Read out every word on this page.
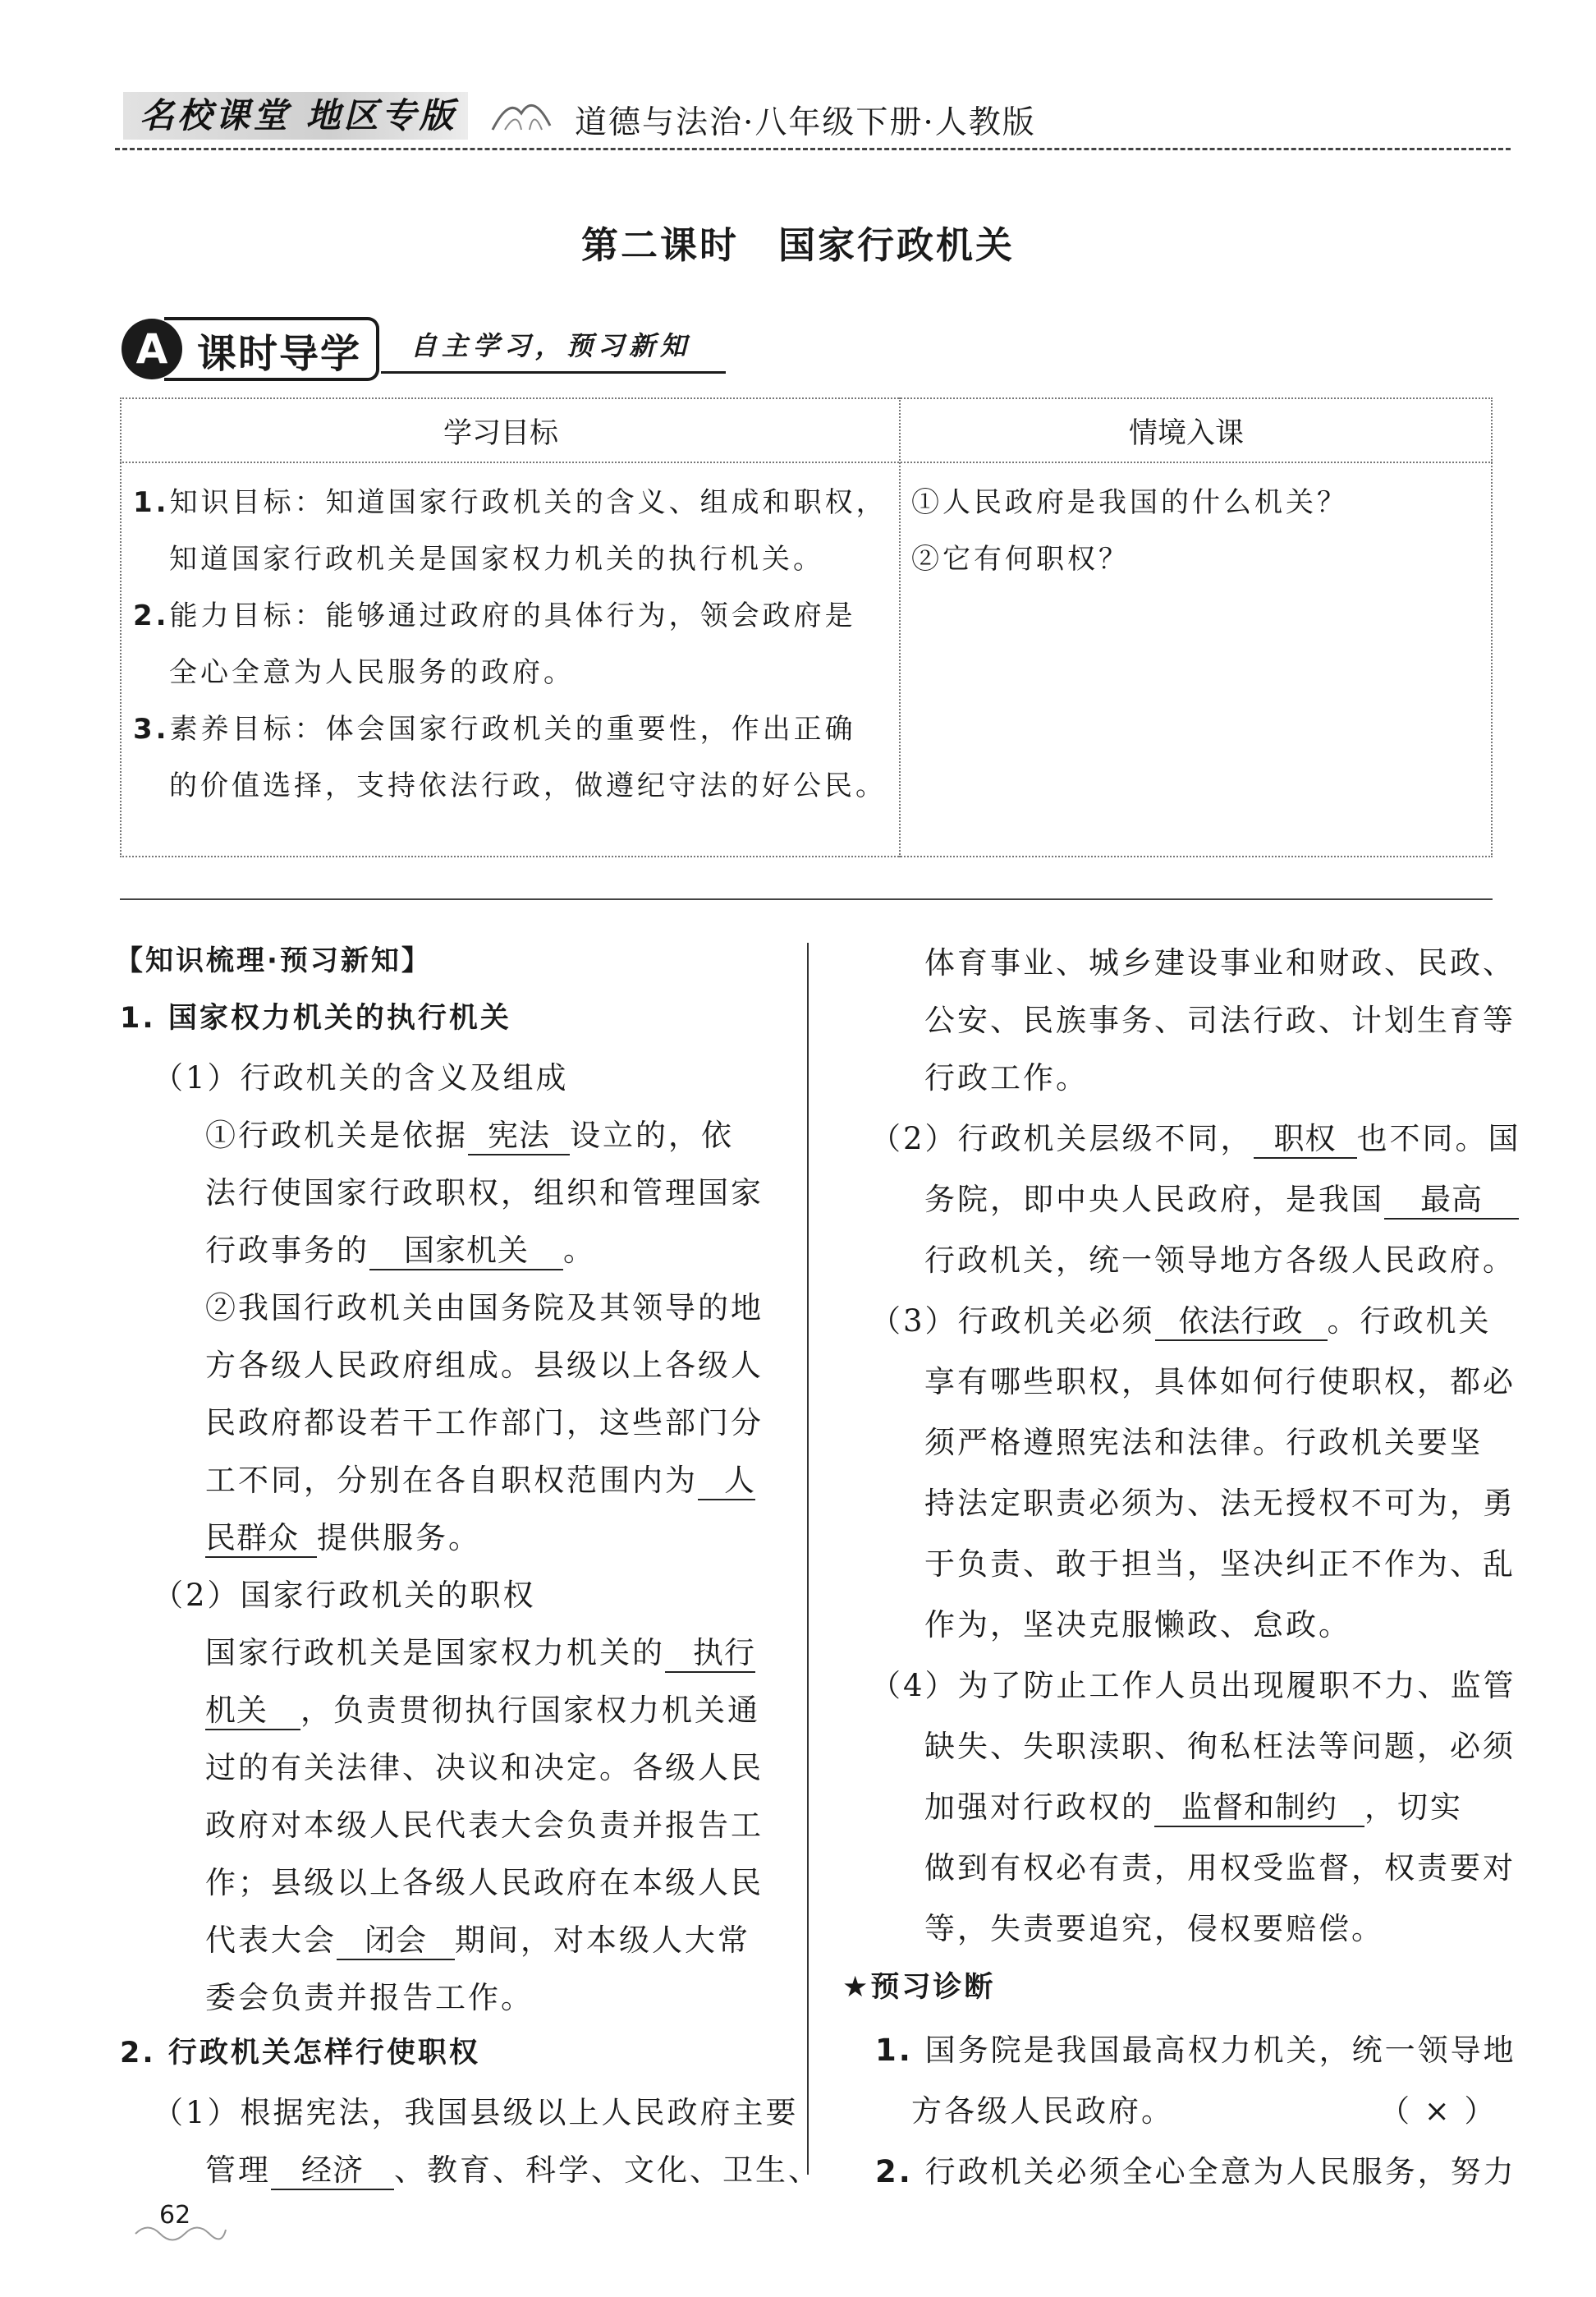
名校课堂 地区专版	道德与法治·八年级下册·人教版
第二课时　国家行政机关
A 课时导学 自主学习，预习新知
学习目标	情境入课
1.知识目标：知道国家行政机关的含义、组成和职权，
知道国家行政机关是国家权力机关的执行机关。
2.能力目标：能够通过政府的具体行为，领会政府是
全心全意为人民服务的政府。
3.素养目标：体会国家行政机关的重要性，作出正确
的价值选择，支持依法行政，做遵纪守法的好公民。
①人民政府是我国的什么机关？
②它有何职权？
【知识梳理·预习新知】
1. 国家权力机关的执行机关
（1）行政机关的含义及组成
①行政机关是依据 宪法 设立的，依
法行使国家行政职权，组织和管理国家
行政事务的 国家机关 。
②我国行政机关由国务院及其领导的地
方各级人民政府组成。县级以上各级人
民政府都设若干工作部门，这些部门分
工不同，分别在各自职权范围内为 人
民群众 提供服务。
（2）国家行政机关的职权
国家行政机关是国家权力机关的 执行
机关 ，负责贯彻执行国家权力机关通
过的有关法律、决议和决定。各级人民
政府对本级人民代表大会负责并报告工
作；县级以上各级人民政府在本级人民
代表大会 闭会 期间，对本级人大常
委会负责并报告工作。
2. 行政机关怎样行使职权
（1）根据宪法，我国县级以上人民政府主要
管理 经济 、教育、科学、文化、卫生、
体育事业、城乡建设事业和财政、民政、
公安、民族事务、司法行政、计划生育等
行政工作。
（2）行政机关层级不同， 职权 也不同。国
务院，即中央人民政府，是我国 最高
行政机关，统一领导地方各级人民政府。
（3）行政机关必须 依法行政 。行政机关
享有哪些职权，具体如何行使职权，都必
须严格遵照宪法和法律。行政机关要坚
持法定职责必须为、法无授权不可为，勇
于负责、敢于担当，坚决纠正不作为、乱
作为，坚决克服懒政、怠政。
（4）为了防止工作人员出现履职不力、监管
缺失、失职渎职、徇私枉法等问题，必须
加强对行政权的 监督和制约 ，切实
做到有权必有责，用权受监督，权责要对
等，失责要追究，侵权要赔偿。
★预习诊断
1. 国务院是我国最高权力机关，统一领导地
方各级人民政府。	（ × ）
2. 行政机关必须全心全意为人民服务，努力
62
